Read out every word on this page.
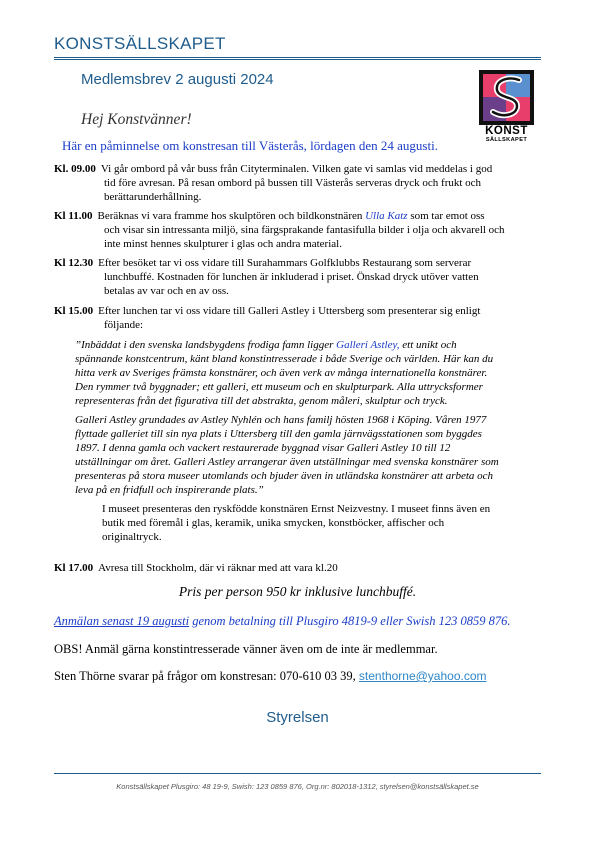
KONSTSÄLLSKAPET
Medlemsbrev 2 augusti 2024
Hej Konstvänner!
KONST
SÄLLSKAPET
Här en påminnelse om konstresan till Västerås, lördagen den 24 augusti.
Kl. 09.00 Vi går ombord på vår buss från Cityterminalen. Vilken gate vi samlas vid meddelas i god
tid före avresan. På resan ombord på bussen till Västerås serveras dryck och frukt och
berättarunderhållning.
Kl 11.00 Beräknas vi vara framme hos skulptören och bildkonstnären Ulla Katz som tar emot oss
och visar sin intressanta miljö, sina färgsprakande fantasifulla bilder i olja och akvarell och
inte minst hennes skulpturer i glas och andra material.
Kl 12.30 Efter besöket tar vi oss vidare till Surahammars Golfklubbs Restaurang som serverar
lunchbuffé. Kostnaden för lunchen är inkluderad i priset. Önskad dryck utöver vatten
betalas av var och en av oss.
Kl 15.00 Efter lunchen tar vi oss vidare till Galleri Astley i Uttersberg som presenterar sig enligt
följande:
”Inbäddat i den svenska landsbygdens frodiga famn ligger Galleri Astley, ett unikt och
spännande konstcentrum, känt bland konstintresserade i både Sverige och världen. Här kan du
hitta verk av Sveriges främsta konstnärer, och även verk av många internationella konstnärer.
Den rymmer två byggnader; ett galleri, ett museum och en skulpturpark. Alla uttrycksformer
representeras från det figurativa till det abstrakta, genom måleri, skulptur och tryck.
Galleri Astley grundades av Astley Nyhlén och hans familj hösten 1968 i Köping. Våren 1977
flyttade galleriet till sin nya plats i Uttersberg till den gamla järnvägsstationen som byggdes
1897. I denna gamla och vackert restaurerade byggnad visar Galleri Astley 10 till 12
utställningar om året. Galleri Astley arrangerar även utställningar med svenska konstnärer som
presenteras på stora museer utomlands och bjuder även in utländska konstnärer att arbeta och
leva på en fridfull och inspirerande plats.”
I museet presenteras den ryskfödde konstnären Ernst Neizvestny. I museet finns även en
butik med föremål i glas, keramik, unika smycken, konstböcker, affischer och
originaltryck.
Kl 17.00 Avresa till Stockholm, där vi räknar med att vara kl.20
Pris per person 950 kr inklusive lunchbuffé.
Anmälan senast 19 augusti genom betalning till Plusgiro 4819-9 eller Swish 123 0859 876.
OBS! Anmäl gärna konstintresserade vänner även om de inte är medlemmar.
Sten Thörne svarar på frågor om konstresan: 070-610 03 39, stenthorne@yahoo.com
Styrelsen
Konstsällskapet Plusgiro: 48 19-9, Swish: 123 0859 876, Org.nr: 802018-1312, styrelsen@konstsällskapet.se
